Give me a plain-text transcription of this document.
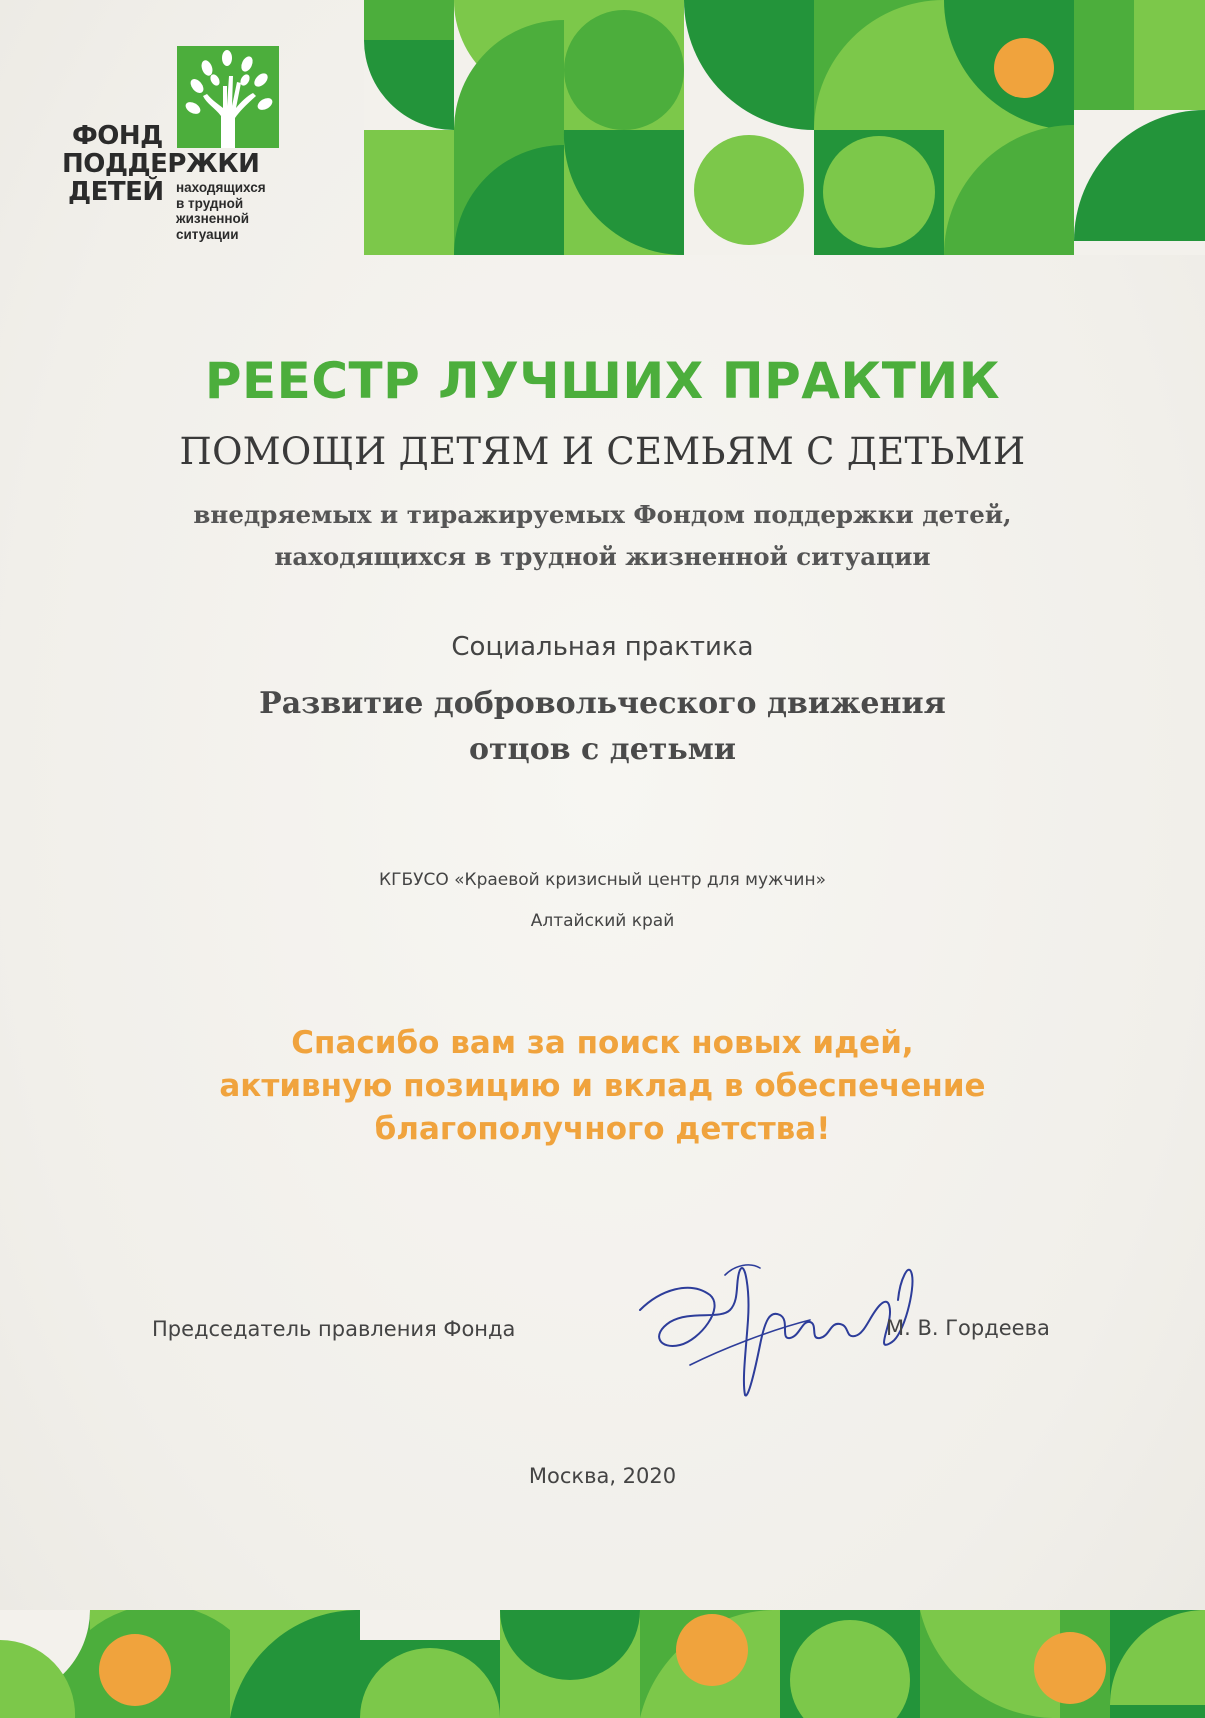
ФОНД
ПОДДЕРЖКИ
ДЕТЕЙ находящихся
в трудной
жизненной
ситуации
РЕЕСТР ЛУЧШИХ ПРАКТИК
ПОМОЩИ ДЕТЯМ И СЕМЬЯМ С ДЕТЬМИ
внедряемых и тиражируемых Фондом поддержки детей,
находящихся в трудной жизненной ситуации
Социальная практика
Развитие добровольческого движения
отцов с детьми
КГБУСО «Краевой кризисный центр для мужчин»
Алтайский край
Спасибо вам за поиск новых идей,
активную позицию и вклад в обеспечение
благополучного детства!
Председатель правления Фонда	М. В. Гордеева
Москва, 2020
